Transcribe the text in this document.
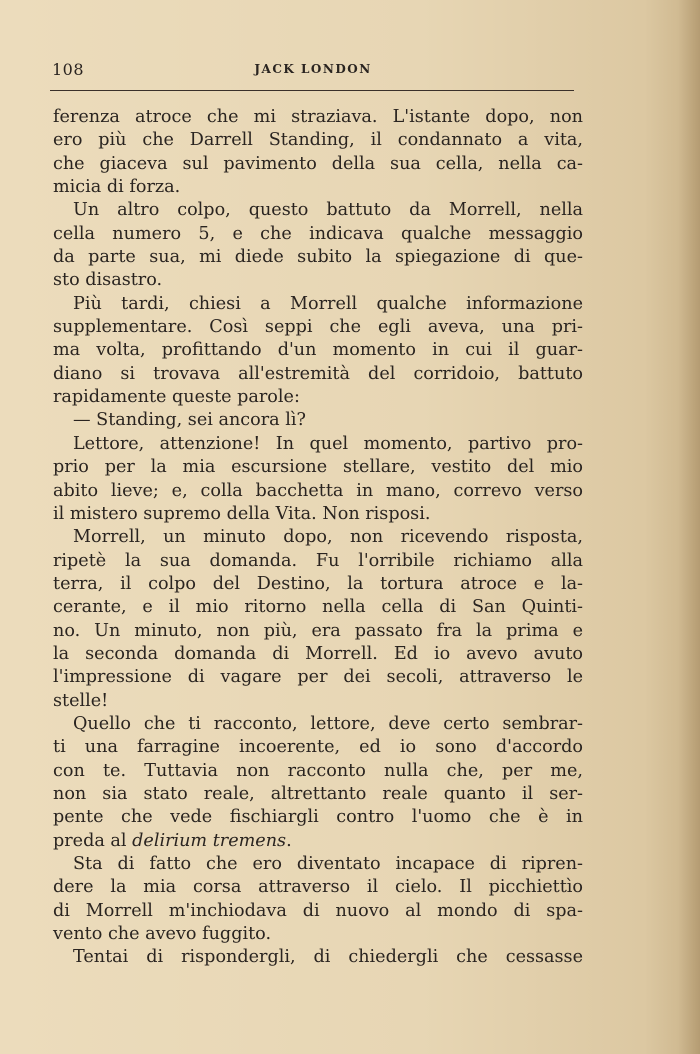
108	JACK LONDON
ferenza atroce che mi straziava. L'istante dopo, non
ero più che Darrell Standing, il condannato a vita,
che giaceva sul pavimento della sua cella, nella ca-
micia di forza.
Un altro colpo, questo battuto da Morrell, nella
cella numero 5, e che indicava qualche messaggio
da parte sua, mi diede subito la spiegazione di que-
sto disastro.
Più tardi, chiesi a Morrell qualche informazione
supplementare. Così seppi che egli aveva, una pri-
ma volta, profittando d'un momento in cui il guar-
diano si trovava all'estremità del corridoio, battuto
rapidamente queste parole:
— Standing, sei ancora lì?
Lettore, attenzione! In quel momento, partivo pro-
prio per la mia escursione stellare, vestito del mio
abito lieve; e, colla bacchetta in mano, correvo verso
il mistero supremo della Vita. Non risposi.
Morrell, un minuto dopo, non ricevendo risposta,
ripetè la sua domanda. Fu l'orribile richiamo alla
terra, il colpo del Destino, la tortura atroce e la-
cerante, e il mio ritorno nella cella di San Quinti-
no. Un minuto, non più, era passato fra la prima e
la seconda domanda di Morrell. Ed io avevo avuto
l'impressione di vagare per dei secoli, attraverso le
stelle!
Quello che ti racconto, lettore, deve certo sembrar-
ti una farragine incoerente, ed io sono d'accordo
con te. Tuttavia non racconto nulla che, per me,
non sia stato reale, altrettanto reale quanto il ser-
pente che vede fischiargli contro l'uomo che è in
preda al delirium tremens.
Sta di fatto che ero diventato incapace di ripren-
dere la mia corsa attraverso il cielo. Il picchiettìo
di Morrell m'inchiodava di nuovo al mondo di spa-
vento che avevo fuggito.
Tentai di rispondergli, di chiedergli che cessasse
